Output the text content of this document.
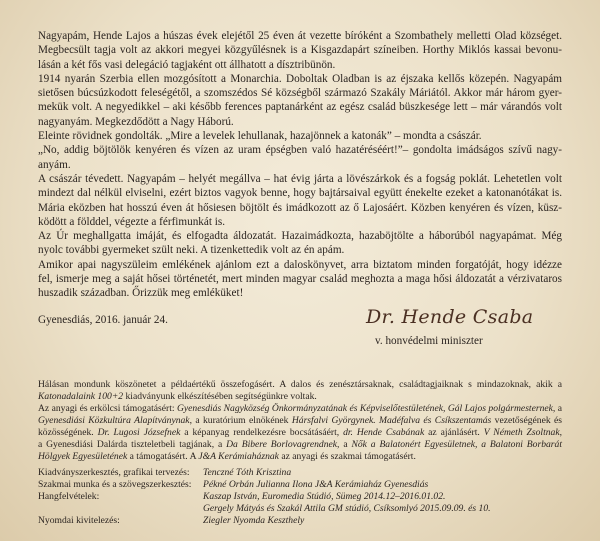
Nagyapám, Hende Lajos a húszas évek elejétől 25 éven át vezette bíróként a Szombathely melletti Olad községet.
Megbecsült tagja volt az akkori megyei közgyűlésnek is a Kisgazdapárt színeiben. Horthy Miklós kassai bevonu-
lásán a két fős vasi delegáció tagjaként ott állhatott a dísztribünön.
1914 nyarán Szerbia ellen mozgósított a Monarchia. Doboltak Oladban is az éjszaka kellős közepén. Nagyapám
sietősen búcsúzkodott feleségétől, a szomszédos Sé községből származó Szakály Máriától. Akkor már három gyer-
mekük volt. A negyedikkel – aki később ferences paptanárként az egész család büszkesége lett – már várandós volt
nagyanyám. Megkezdődött a Nagy Háború.
Eleinte rövidnek gondolták. „Mire a levelek lehullanak, hazajönnek a katonák” – mondta a császár.
„No, addig böjtölök kenyéren és vízen az uram épségben való hazatéréséért!”– gondolta imádságos szívű nagy-
anyám.
A császár tévedett. Nagyapám – helyét megállva – hat évig járta a lövészárkok és a fogság poklát. Lehetetlen volt
mindezt dal nélkül elviselni, ezért biztos vagyok benne, hogy bajtársaival együtt énekelte ezeket a katonanótákat is.
Mária eközben hat hosszú éven át hősiesen böjtölt és imádkozott az ő Lajosáért. Közben kenyéren és vízen, küsz-
ködött a földdel, végezte a férfimunkát is.
Az Úr meghallgatta imáját, és elfogadta áldozatát. Hazaimádkozta, hazaböjtölte a háborúból nagyapámat. Még
nyolc további gyermeket szült neki. A tizenkettedik volt az én apám.
Amikor apai nagyszüleim emlékének ajánlom ezt a daloskönyvet, arra biztatom minden forgatóját, hogy idézze
fel, ismerje meg a saját hősei történetét, mert minden magyar család meghozta a maga hősi áldozatát a vérzivataros
huszadik században. Őrizzük meg emléküket!
Gyenesdiás, 2016. január 24.	Dr. Hende Csaba
v. honvédelmi miniszter
Hálásan mondunk köszönetet a példaértékű összefogásért. A dalos és zenésztársaknak, családtagjaiknak s mindazoknak, akik a
Katonadalaink 100+2 kiadványunk elkészítésében segítségünkre voltak.
Az anyagi és erkölcsi támogatásért: Gyenesdiás Nagyközség Önkormányzatának és Képviselőtestületének, Gál Lajos polgármesternek, a
Gyenesdiási Közkultúra Alapítványnak, a kuratórium elnökének Hársfalvi Györgynek. Madéfalva és Csíkszentamás vezetőségének és
közösségének. Dr. Lugosi Józsefnek a képanyag rendelkezésre bocsátásáért, dr. Hende Csabának az ajánlásért. V Németh Zsoltnak,
a Gyenesdiási Dalárda tiszteletbeli tagjának, a Da Bibere Borlovagrendnek, a Nők a Balatonért Egyesületnek, a Balatoni Borbarát
Hölgyek Egyesületének a támogatásért. A J&A Kerámiaháznak az anyagi és szakmai támogatásért.
Kiadványszerkesztés, grafikai tervezés:	Tenczné Tóth Krisztina
Szakmai munka és a szövegszerkesztés:	Pékné Orbán Julianna Ilona J&A Kerámiaház Gyenesdiás
Hangfelvételek:	Kaszap István, Euromedia Stúdió, Sümeg 2014.12–2016.01.02.
Gergely Mátyás és Szakál Attila GM stúdió, Csíksomlyó 2015.09.09. és 10.
Nyomdai kivitelezés:	Ziegler Nyomda Keszthely
